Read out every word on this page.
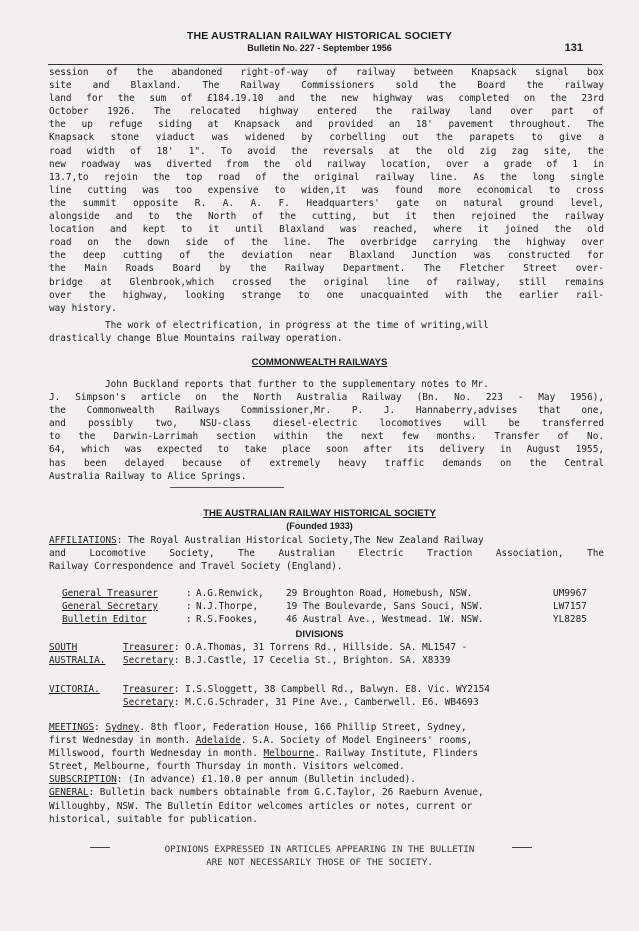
THE AUSTRALIAN RAILWAY HISTORICAL SOCIETY
Bulletin No. 227 - September 1956	131
session of the abandoned right-of-way of railway between Knapsack signal box
site and Blaxland. The Railway Commissioners sold the Board the railway
land for the sum of £184.19.10 and the new highway was completed on the 23rd
October 1926. The relocated highway entered the railway land over part of
the up refuge siding at Knapsack and provided an 18' pavement throughout. The
Knapsack stone viaduct was widened by corbelling out the parapets to give a
road width of 18' 1". To avoid the reversals at the old zig zag site, the
new roadway was diverted from the old railway location, over a grade of 1 in
13.7,to rejoin the top road of the original railway line. As the long single
line cutting was too expensive to widen,it was found more economical to cross
the summit opposite R. A. A. F. Headquarters' gate on natural ground level,
alongside and to the North of the cutting, but it then rejoined the railway
location and kept to it until Blaxland was reached, where it joined the old
road on the down side of the line. The overbridge carrying the highway over
the deep cutting of the deviation near Blaxland Junction was constructed for
the Main Roads Board by the Railway Department. The Fletcher Street over-
bridge at Glenbrook,which crossed the original line of railway, still remains
over the highway, looking strange to one unacquainted with the earlier rail-
way history.
The work of electrification, in progress at the time of writing,will
drastically change Blue Mountains railway operation.
COMMONWEALTH RAILWAYS
John Buckland reports that further to the supplementary notes to Mr.
J. Simpson's article on the North Australia Railway (Bn. No. 223 - May 1956),
the Commonwealth Railways Commissioner,Mr. P. J. Hannaberry,advises that one,
and possibly two, NSU-class diesel-electric locomotives will be transferred
to the Darwin-Larrimah section within the next few months. Transfer of No.
64, which was expected to take place soon after its delivery in August 1955,
has been delayed because of extremely heavy traffic demands on the Central
Australia Railway to Alice Springs.
THE AUSTRALIAN RAILWAY HISTORICAL SOCIETY
(Founded 1933)
AFFILIATIONS: The Royal Australian Historical Society,The New Zealand Railway
and Locomotive Society, The Australian Electric Traction Association, The
Railway Correspondence and Travel Society (England).
General Treasurer	: A.G.Renwick, 29 Broughton Road, Homebush, NSW.	UM9967
General Secretary	: N.J.Thorpe,	19 The Boulevarde, Sans Souci, NSW.	LW7157
Bulletin Editor	: R.S.Fookes,	46 Austral Ave., Westmead. 1W. NSW.	YL8285
DIVISIONS
SOUTH	Treasurer: O.A.Thomas, 31 Torrens Rd., Hillside. SA. ML1547 -
AUSTRALIA. Secretary: B.J.Castle, 17 Cecelia St., Brighton. SA. X8339
VICTORIA. Treasurer: I.S.Sloggett, 38 Campbell Rd., Balwyn. E8. Vic. WY2154
Secretary: M.C.G.Schrader, 31 Pine Ave., Camberwell. E6. WB4693
MEETINGS: Sydney. 8th floor, Federation House, 166 Phillip Street, Sydney,
first Wednesday in month. Adelaide. S.A. Society of Model Engineers' rooms,
Millswood, fourth Wednesday in month. Melbourne. Railway Institute, Flinders
Street, Melbourne, fourth Thursday in month. Visitors welcomed.
SUBSCRIPTION: (In advance) £1.10.0 per annum (Bulletin included).
GENERAL: Bulletin back numbers obtainable from G.C.Taylor, 26 Raeburn Avenue,
Willoughby, NSW. The Bulletin Editor welcomes articles or notes, current or
historical, suitable for publication.
OPINIONS EXPRESSED IN ARTICLES APPEARING IN THE BULLETIN
ARE NOT NECESSARILY THOSE OF THE SOCIETY.
